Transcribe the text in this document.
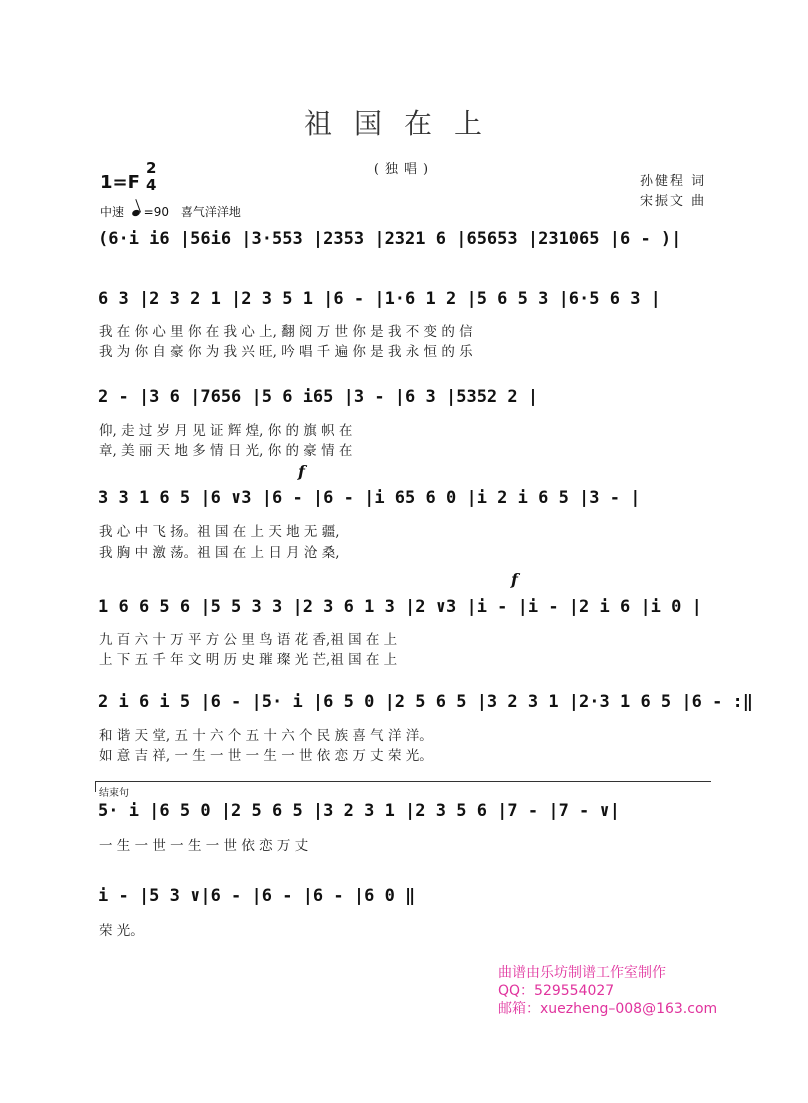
祖国在上
(独唱)
1=F
2
4	孙健程 词
宋振文 曲
中速 =90 喜气洋洋地
(6·i i6 |56i6 |3·553 |2353 |2321 6 |65653 |231065 |6 - )|
6 3 |2 3 2 1 |2 3 5 1 |6 - |1·6 1 2 |5 6 5 3 |6·5 6 3 |
我 在 你 心 里 你 在 我 心 上, 翻 阅 万 世 你 是 我 不 变 的 信
我 为 你 自 豪 你 为 我 兴 旺, 吟 唱 千 遍 你 是 我 永 恒 的 乐
2 - |3 6 |7656 |5 6 i65 |3 - |6 3 |5352 2 |
仰, 走 过 岁 月 见 证 辉 煌, 你 的 旗 帜 在
章, 美 丽 天 地 多 情 日 光, 你 的 豪 情 在
f
3 3 1 6 5 |6 ∨3 |6 - |6 - |i 65 6 0 |i 2 i 6 5 |3 - |
我 心 中 飞 扬。祖 国 在 上 天 地 无 疆,
我 胸 中 激 荡。祖 国 在 上 日 月 沧 桑,
f
1 6 6 5 6 |5 5 3 3 |2 3 6 1 3 |2 ∨3 |i - |i - |2 i 6 |i 0 |
九 百 六 十 万 平 方 公 里 鸟 语 花 香,祖 国 在 上
上 下 五 千 年 文 明 历 史 璀 璨 光 芒,祖 国 在 上
2 i 6 i 5 |6 - |5· i |6 5 0 |2 5 6 5 |3 2 3 1 |2·3 1 6 5 |6 - :‖
和 谐 天 堂, 五 十 六 个 五 十 六 个 民 族 喜 气 洋 洋。
如 意 吉 祥, 一 生 一 世 一 生 一 世 依 恋 万 丈 荣 光。
结束句
5· i |6 5 0 |2 5 6 5 |3 2 3 1 |2 3 5 6 |7 - |7 - ∨|
一 生 一 世 一 生 一 世 依 恋 万 丈
i - |5 3 ∨|6 - |6 - |6 - |6 0 ‖
荣 光。
曲谱由乐坊制谱工作室制作
QQ：529554027
邮箱：xuezheng–008@163.com
